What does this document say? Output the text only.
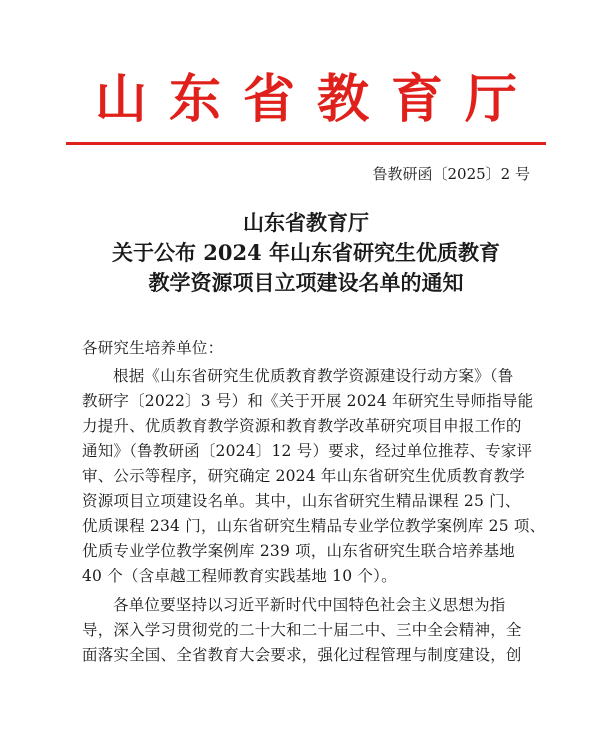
山东省教育厅
鲁教研函〔2025〕2 号
山东省教育厅
关于公布 2024 年山东省研究生优质教育
教学资源项目立项建设名单的通知
各研究生培养单位：
根据《山东省研究生优质教育教学资源建设行动方案》（鲁
教研字〔2022〕3 号）和《关于开展 2024 年研究生导师指导能
力提升、优质教育教学资源和教育教学改革研究项目申报工作的
通知》（鲁教研函〔2024〕12 号）要求，经过单位推荐、专家评
审、公示等程序，研究确定 2024 年山东省研究生优质教育教学
资源项目立项建设名单。其中，山东省研究生精品课程 25 门、
优质课程 234 门，山东省研究生精品专业学位教学案例库 25 项、
优质专业学位教学案例库 239 项，山东省研究生联合培养基地
40 个（含卓越工程师教育实践基地 10 个）。
各单位要坚持以习近平新时代中国特色社会主义思想为指
导，深入学习贯彻党的二十大和二十届二中、三中全会精神，全
面落实全国、全省教育大会要求，强化过程管理与制度建设，创
